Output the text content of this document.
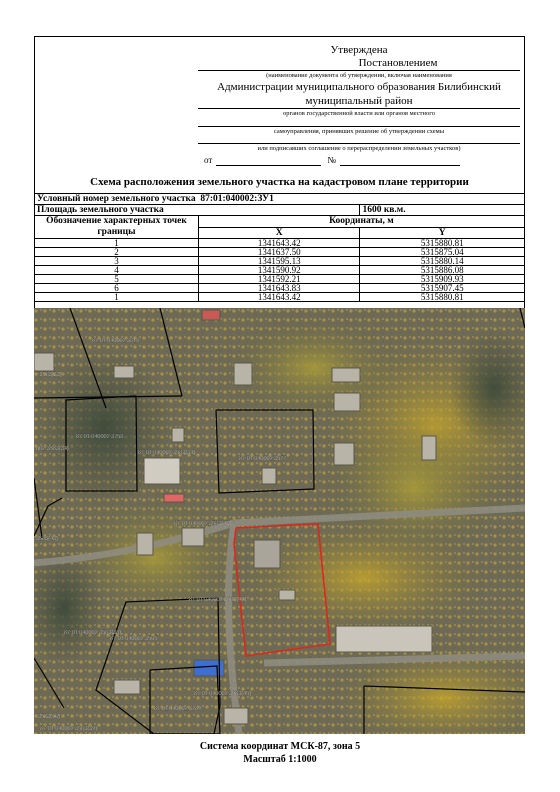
Утверждена
Постановлением
(наименование документа об утверждении, включая наименования
Администрации муниципального образования Билибинский
муниципальный район
органов государственной власти или органов местного
самоуправления, принявших решение об утверждении схемы
или подписавших соглашение о перераспределении земельных участков)
от	№
Схема расположения земельного участка на кадастровом плане территории
Условный номер земельного участка 87:01:040002:ЗУ1		
Площадь земельного участка		1600 кв.м.
Обозначение характерных точек
границы	Координаты, м	
	X	Y
1	1341643.42	5315880.81
2	1341637.50	5315875.04
3	1341595.13	5315880.14
4	1341590.92	5315886.08
5	1341592.21	5315909.93
6	1341643.83	5315907.45
1	1341643.42	5315880.81
87:01:040002:3818
:3583(33)
87:01:040002:3758
002:3583(34)
87:01:040002:3583(34)
87:01:040002:3577
87:01:040002:3583(43)
3583(43)
87:01:040002:3583(44)
87:01:040002:3583(30)
87:01:040002:3565
87:01:040002:3583(45)
87:01:040002:3789
3583(46)
87:01:040002:3583(39)
Система координат МСК-87, зона 5
Масштаб 1:1000
